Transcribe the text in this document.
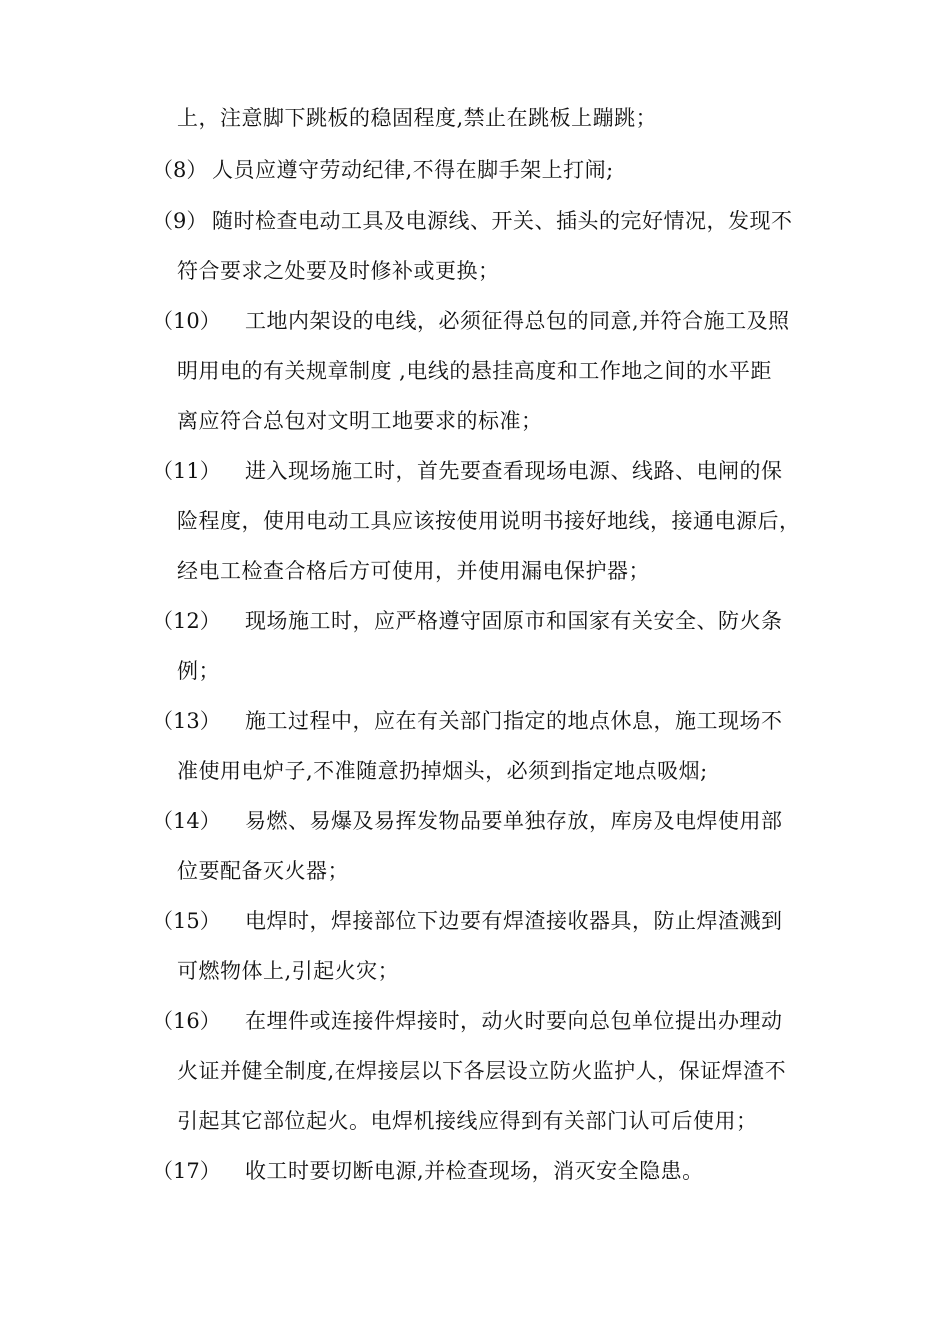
上，注意脚下跳板的稳固程度,禁止在跳板上蹦跳；
（8） 人员应遵守劳动纪律,不得在脚手架上打闹;
（9） 随时检查电动工具及电源线、开关、插头的完好情况，发现不
符合要求之处要及时修补或更换；
（10） 工地内架设的电线，必须征得总包的同意,并符合施工及照
明用电的有关规章制度 ,电线的悬挂高度和工作地之间的水平距
离应符合总包对文明工地要求的标准；
（11） 进入现场施工时，首先要查看现场电源、线路、电闸的保
险程度，使用电动工具应该按使用说明书接好地线，接通电源后，
经电工检查合格后方可使用，并使用漏电保护器；
（12） 现场施工时，应严格遵守固原市和国家有关安全、防火条
例；
（13） 施工过程中，应在有关部门指定的地点休息，施工现场不
准使用电炉子,不准随意扔掉烟头，必须到指定地点吸烟;
（14） 易燃、易爆及易挥发物品要单独存放，库房及电焊使用部
位要配备灭火器；
（15） 电焊时，焊接部位下边要有焊渣接收器具，防止焊渣溅到
可燃物体上,引起火灾；
（16） 在埋件或连接件焊接时，动火时要向总包单位提出办理动
火证并健全制度,在焊接层以下各层设立防火监护人，保证焊渣不
引起其它部位起火。电焊机接线应得到有关部门认可后使用；
（17） 收工时要切断电源,并检查现场，消灭安全隐患。
